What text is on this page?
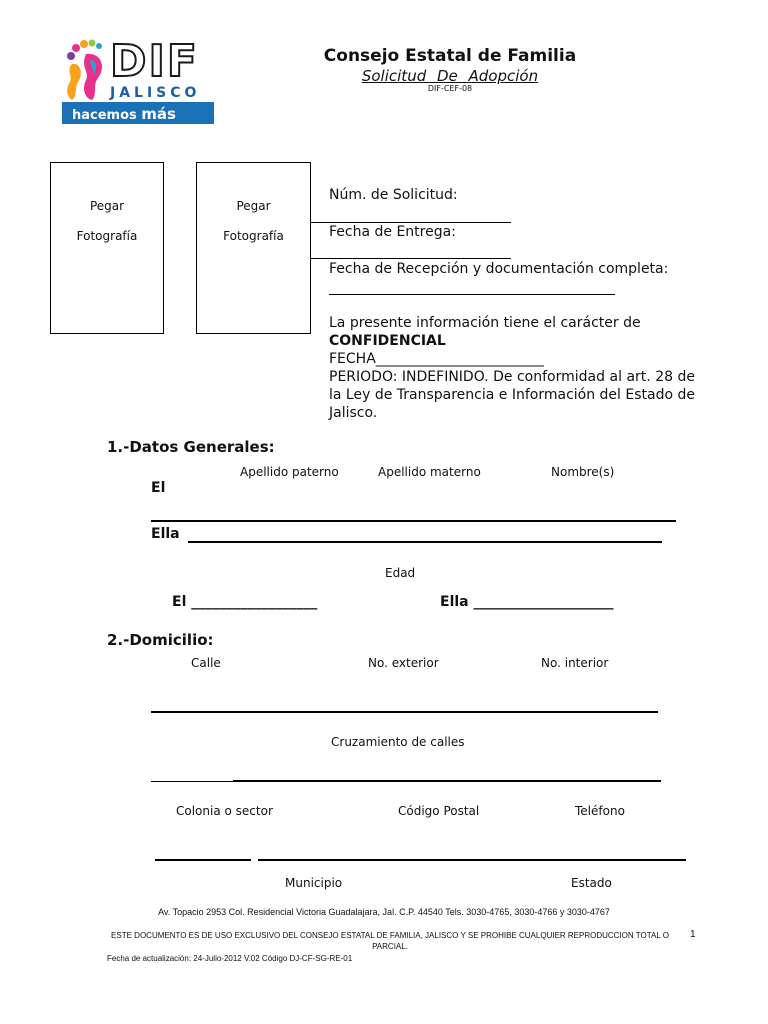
DIF
JALISCO
hacemos más
Consejo Estatal de Familia
Solicitud De Adopción
DIF-CEF-08
Pegar
Fotografía
Pegar
Fotografía
Núm. de Solicitud:
Fecha de Entrega:
Fecha de Recepción y documentación completa:
La presente información tiene el carácter de
CONFIDENCIAL
FECHA________________________
PERIODO: INDEFINIDO. De conformidad al art. 28 de la Ley de Transparencia e Información del Estado de Jalisco.
1.-Datos Generales:
Apellido paterno	Apellido materno	Nombre(s)
El
Ella
Edad
El __________________	Ella ____________________
2.-Domicilio:
Calle	No. exterior	No. interior
Cruzamiento de calles
Colonia o sector	Código Postal	Teléfono
Municipio	Estado
Av. Topacio 2953 Col. Residencial Victoria Guadalajara, Jal. C.P. 44540 Tels. 3030-4765, 3030-4766 y 3030-4767
ESTE DOCUMENTO ES DE USO EXCLUSIVO DEL CONSEJO ESTATAL DE FAMILIA, JALISCO Y SE PROHIBE CUALQUIER REPRODUCCION TOTAL O PARCIAL.
1
Fecha de actualización: 24-Julio-2012 V.02 Código DJ-CF-SG-RE-01
